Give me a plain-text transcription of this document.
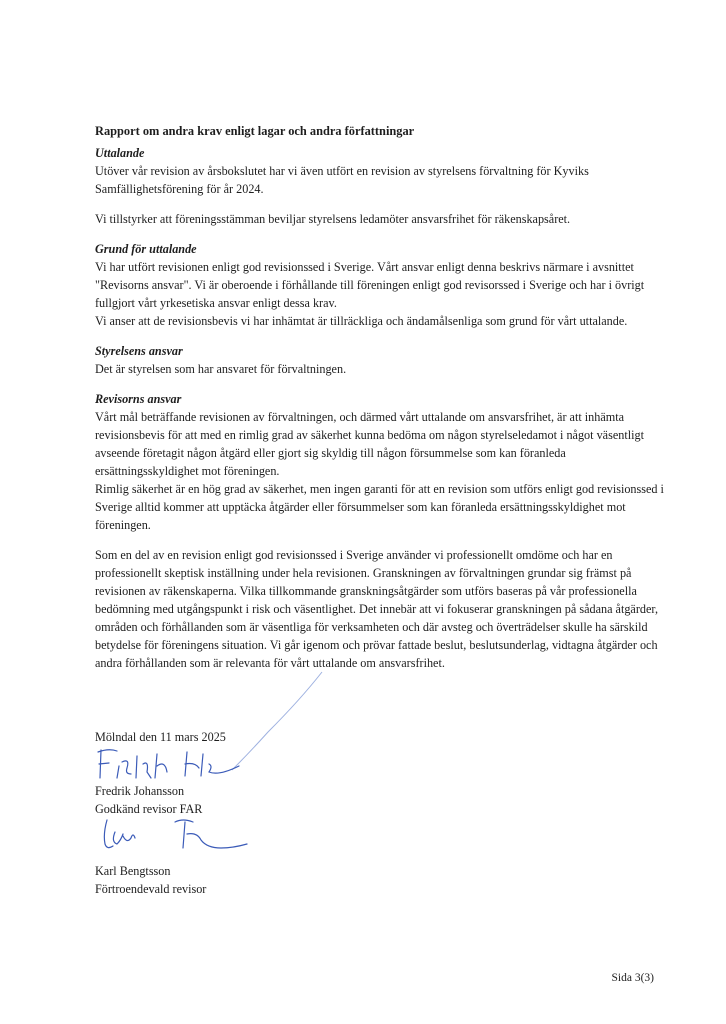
Rapport om andra krav enligt lagar och andra författningar

Uttalande

Utöver vår revision av årsbokslutet har vi även utfört en revision av styrelsens förvaltning för Kyviks Samfällighetsförening för år 2024.

Vi tillstyrker att föreningsstämman beviljar styrelsens ledamöter ansvarsfrihet för räkenskapsåret.

Grund för uttalande

Vi har utfört revisionen enligt god revisionssed i Sverige. Vårt ansvar enligt denna beskrivs närmare i avsnittet "Revisorns ansvar". Vi är oberoende i förhållande till föreningen enligt god revisorssed i Sverige och har i övrigt fullgjort vårt yrkesetiska ansvar enligt dessa krav.

Vi anser att de revisionsbevis vi har inhämtat är tillräckliga och ändamålsenliga som grund för vårt uttalande.

Styrelsens ansvar

Det är styrelsen som har ansvaret för förvaltningen.

Revisorns ansvar

Vårt mål beträffande revisionen av förvaltningen, och därmed vårt uttalande om ansvarsfrihet, är att inhämta revisionsbevis för att med en rimlig grad av säkerhet kunna bedöma om någon styrelseledamot i något väsentligt avseende företagit någon åtgärd eller gjort sig skyldig till någon försummelse som kan föranleda ersättningsskyldighet mot föreningen.

Rimlig säkerhet är en hög grad av säkerhet, men ingen garanti för att en revision som utförs enligt god revisionssed i Sverige alltid kommer att upptäcka åtgärder eller försummelser som kan föranleda ersättningsskyldighet mot föreningen.

Som en del av en revision enligt god revisionssed i Sverige använder vi professionellt omdöme och har en professionellt skeptisk inställning under hela revisionen. Granskningen av förvaltningen grundar sig främst på revisionen av räkenskaperna. Vilka tillkommande granskningsåtgärder som utförs baseras på vår professionella bedömning med utgångspunkt i risk och väsentlighet. Det innebär att vi fokuserar granskningen på sådana åtgärder, områden och förhållanden som är väsentliga för verksamheten och där avsteg och överträdelser skulle ha särskild betydelse för föreningens situation. Vi går igenom och prövar fattade beslut, beslutsunderlag, vidtagna åtgärder och andra förhållanden som är relevanta för vårt uttalande om ansvarsfrihet.

Mölndal den 11 mars 2025
Fredrik Johansson
Godkänd revisor FAR
Karl Bengtsson
Förtroendevald revisor
Sida 3(3)
